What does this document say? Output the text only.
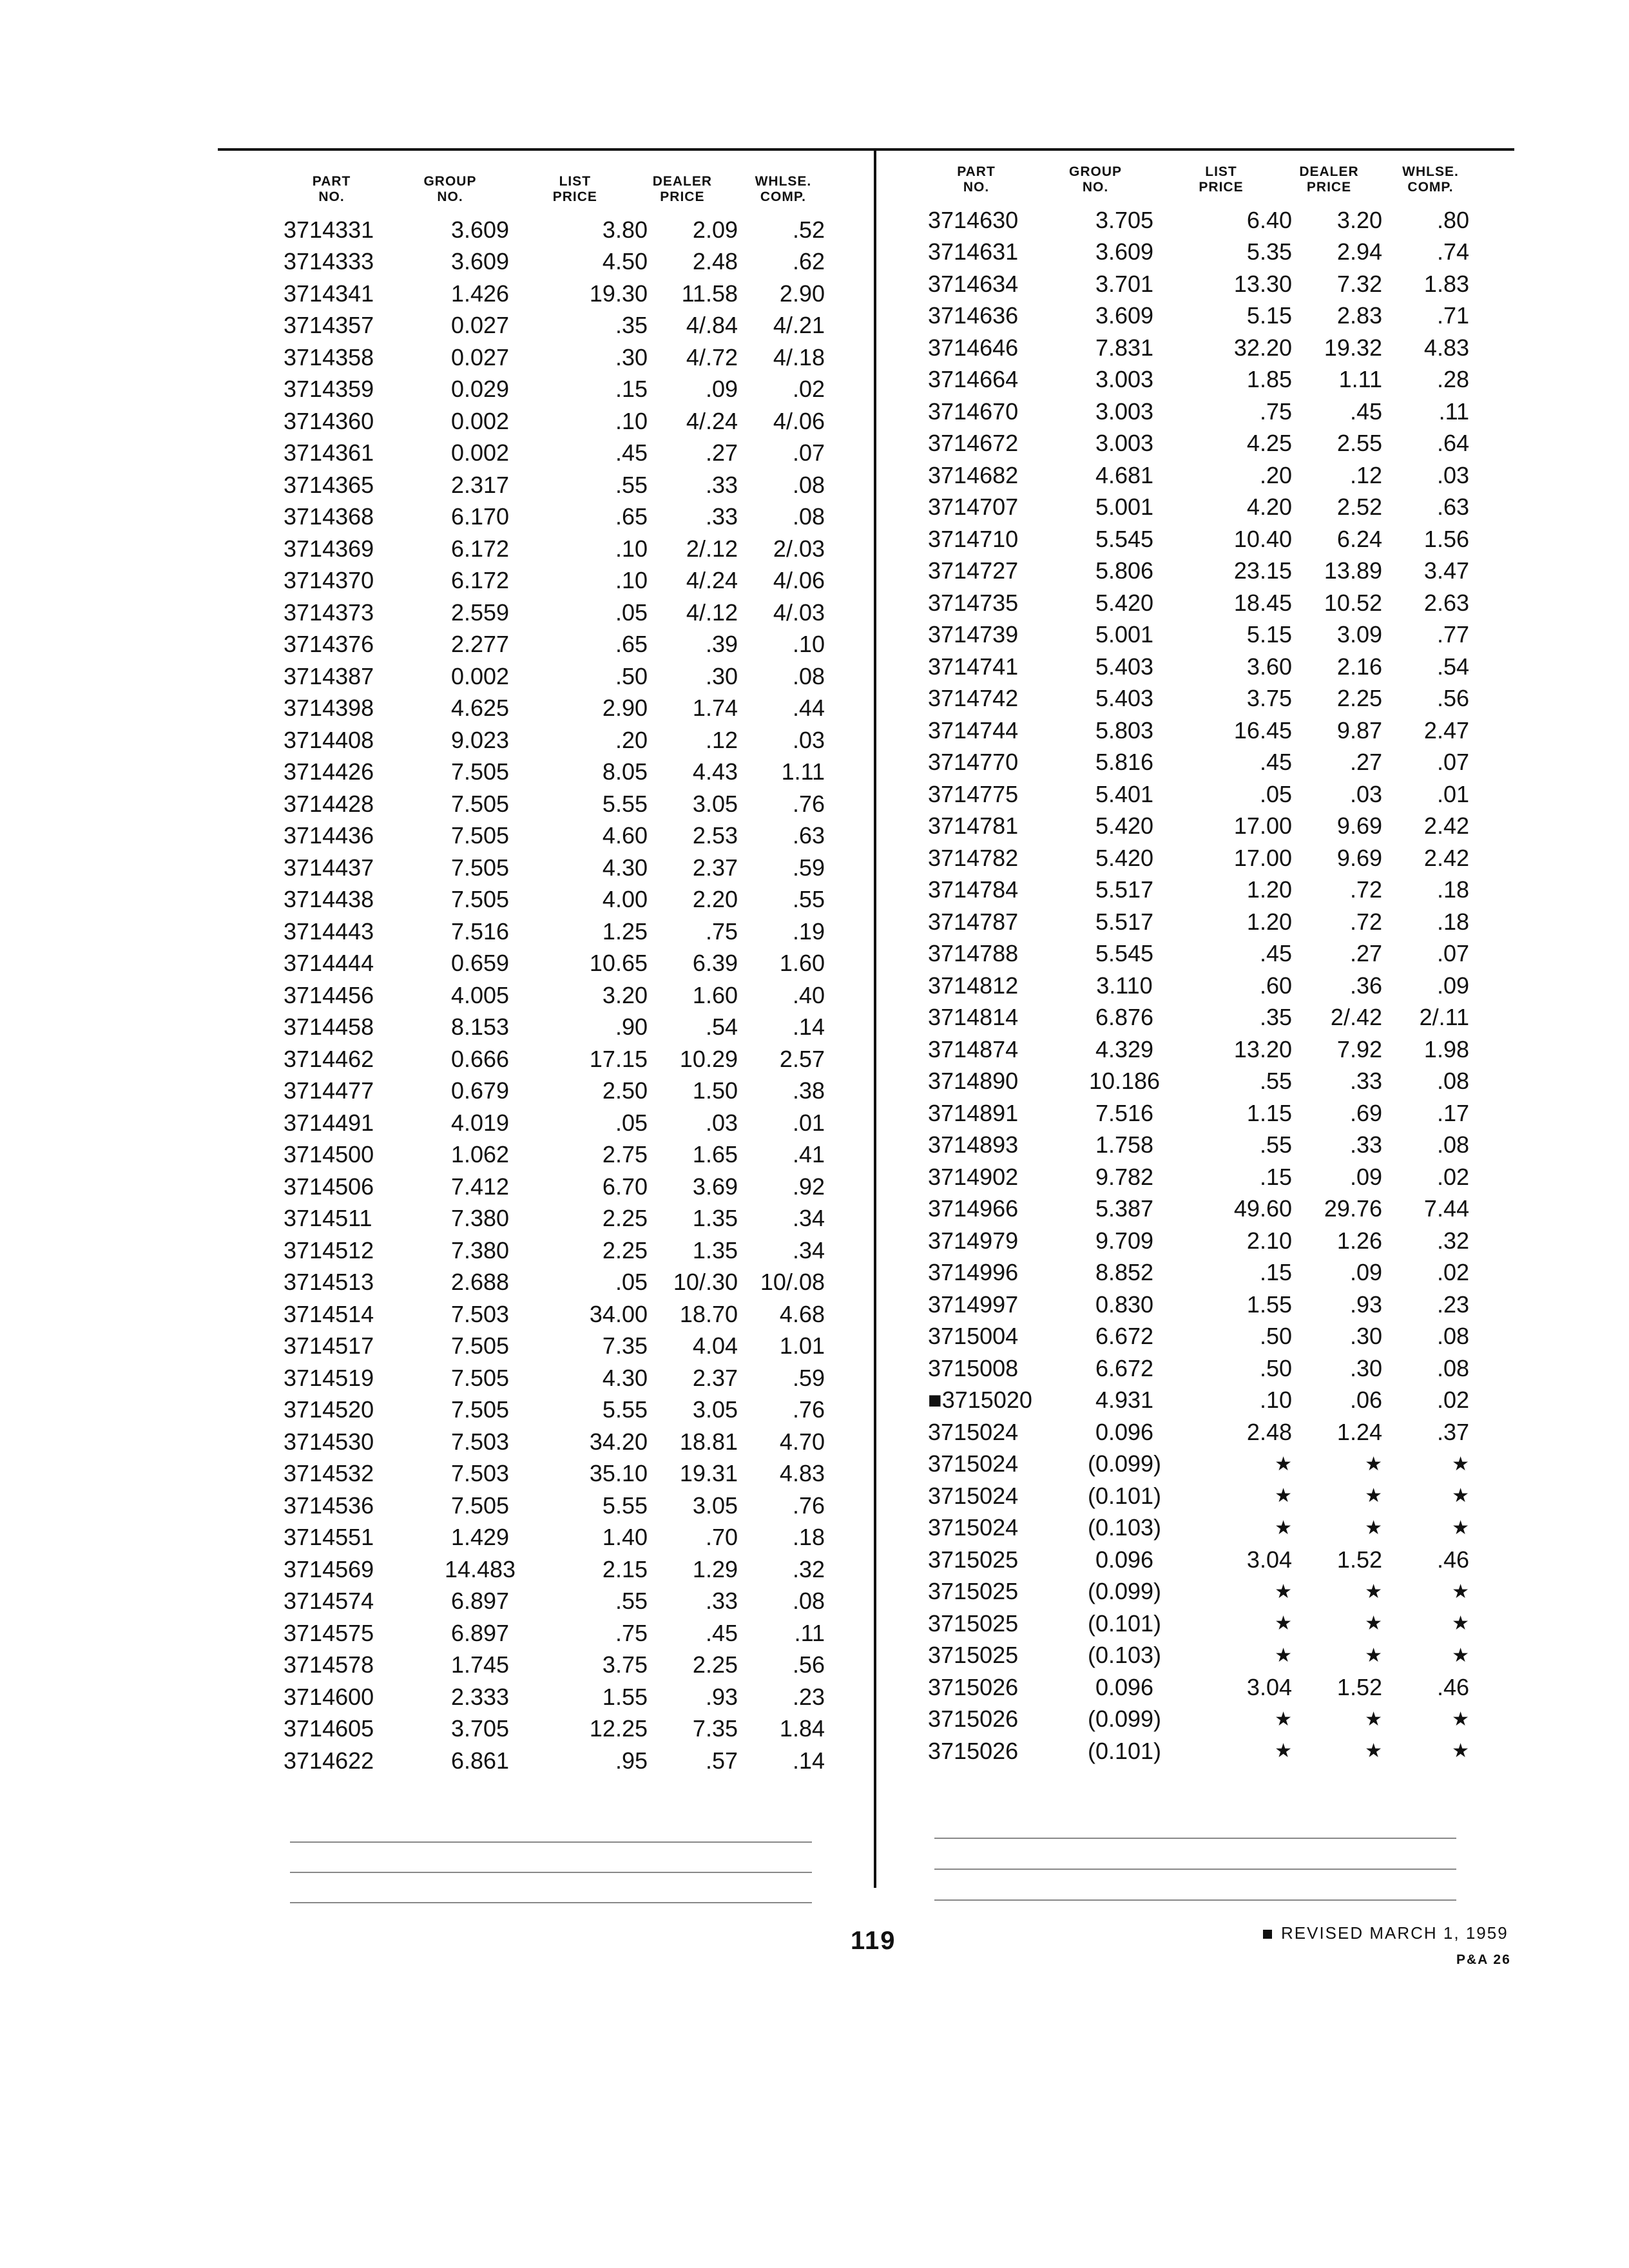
PART
NO.
GROUP
NO.
LIST
PRICE
DEALER
PRICE
WHLSE.
COMP.
3714331	3.609	3.80	2.09	.52
3714333	3.609	4.50	2.48	.62
3714341	1.426	19.30	11.58	2.90
3714357	0.027	.35	4/.84	4/.21
3714358	0.027	.30	4/.72	4/.18
3714359	0.029	.15	.09	.02
3714360	0.002	.10	4/.24	4/.06
3714361	0.002	.45	.27	.07
3714365	2.317	.55	.33	.08
3714368	6.170	.65	.33	.08
3714369	6.172	.10	2/.12	2/.03
3714370	6.172	.10	4/.24	4/.06
3714373	2.559	.05	4/.12	4/.03
3714376	2.277	.65	.39	.10
3714387	0.002	.50	.30	.08
3714398	4.625	2.90	1.74	.44
3714408	9.023	.20	.12	.03
3714426	7.505	8.05	4.43	1.11
3714428	7.505	5.55	3.05	.76
3714436	7.505	4.60	2.53	.63
3714437	7.505	4.30	2.37	.59
3714438	7.505	4.00	2.20	.55
3714443	7.516	1.25	.75	.19
3714444	0.659	10.65	6.39	1.60
3714456	4.005	3.20	1.60	.40
3714458	8.153	.90	.54	.14
3714462	0.666	17.15	10.29	2.57
3714477	0.679	2.50	1.50	.38
3714491	4.019	.05	.03	.01
3714500	1.062	2.75	1.65	.41
3714506	7.412	6.70	3.69	.92
3714511	7.380	2.25	1.35	.34
3714512	7.380	2.25	1.35	.34
3714513	2.688	.05	10/.30 10/.08
3714514	7.503	34.00	18.70	4.68
3714517	7.505	7.35	4.04	1.01
3714519	7.505	4.30	2.37	.59
3714520	7.505	5.55	3.05	.76
3714530	7.503	34.20	18.81	4.70
3714532	7.503	35.10	19.31	4.83
3714536	7.505	5.55	3.05	.76
3714551	1.429	1.40	.70	.18
3714569	14.483	2.15	1.29	.32
3714574	6.897	.55	.33	.08
3714575	6.897	.75	.45	.11
3714578	1.745	3.75	2.25	.56
3714600	2.333	1.55	.93	.23
3714605	3.705	12.25	7.35	1.84
3714622	6.861	.95	.57	.14
PART
NO.
GROUP
NO.
LIST
PRICE
DEALER
PRICE
WHLSE.
COMP.
3714630	3.705	6.40	3.20	.80
3714631	3.609	5.35	2.94	.74
3714634	3.701	13.30	7.32	1.83
3714636	3.609	5.15	2.83	.71
3714646	7.831	32.20	19.32	4.83
3714664	3.003	1.85	1.11	.28
3714670	3.003	.75	.45	.11
3714672	3.003	4.25	2.55	.64
3714682	4.681	.20	.12	.03
3714707	5.001	4.20	2.52	.63
3714710	5.545	10.40	6.24	1.56
3714727	5.806	23.15	13.89	3.47
3714735	5.420	18.45	10.52	2.63
3714739	5.001	5.15	3.09	.77
3714741	5.403	3.60	2.16	.54
3714742	5.403	3.75	2.25	.56
3714744	5.803	16.45	9.87	2.47
3714770	5.816	.45	.27	.07
3714775	5.401	.05	.03	.01
3714781	5.420	17.00	9.69	2.42
3714782	5.420	17.00	9.69	2.42
3714784	5.517	1.20	.72	.18
3714787	5.517	1.20	.72	.18
3714788	5.545	.45	.27	.07
3714812	3.110	.60	.36	.09
3714814	6.876	.35	2/.42	2/.11
3714874	4.329	13.20	7.92	1.98
3714890	10.186	.55	.33	.08
3714891	7.516	1.15	.69	.17
3714893	1.758	.55	.33	.08
3714902	9.782	.15	.09	.02
3714966	5.387	49.60	29.76	7.44
3714979	9.709	2.10	1.26	.32
3714996	8.852	.15	.09	.02
3714997	0.830	1.55	.93	.23
3715004	6.672	.50	.30	.08
3715008	6.672	.50	.30	.08
■3715020	4.931	.10	.06	.02
3715024	0.096	2.48	1.24	.37
3715024	(0.099)	★	★	★
3715024	(0.101)	★	★	★
3715024	(0.103)	★	★	★
3715025	0.096	3.04	1.52	.46
3715025	(0.099)	★	★	★
3715025	(0.101)	★	★	★
3715025	(0.103)	★	★	★
3715026	0.096	3.04	1.52	.46
3715026	(0.099)	★	★	★
3715026	(0.101)	★	★	★
119	REVISED MARCH 1, 1959
P&A 26
